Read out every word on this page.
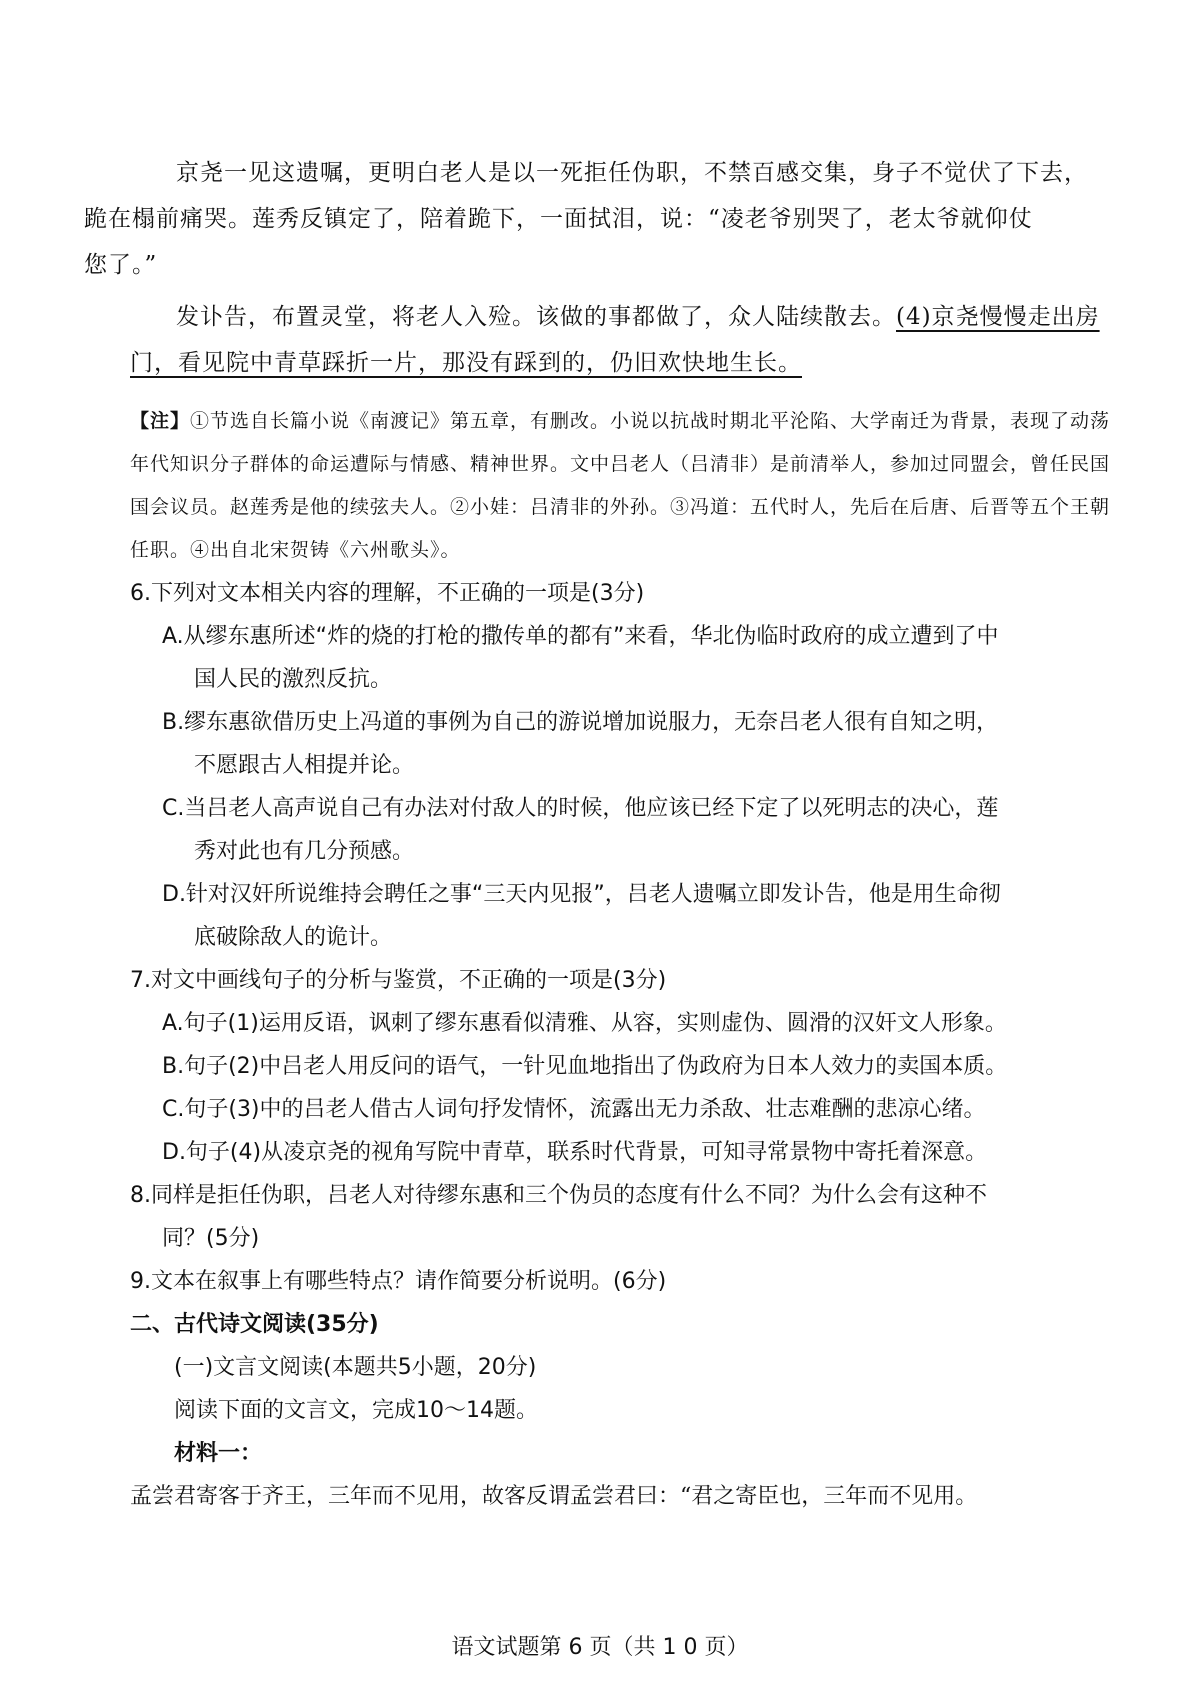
京尧一见这遗嘱，更明白老人是以一死拒任伪职，不禁百感交集，身子不觉伏了下去，
跪在榻前痛哭。莲秀反镇定了，陪着跪下，一面拭泪，说：“凌老爷别哭了，老太爷就仰仗
您了。”

发讣告，布置灵堂，将老人入殓。该做的事都做了，众人陆续散去。(4)京尧慢慢走出房门，看见院中青草踩折一片，那没有踩到的，仍旧欢快地生长。

【注】①节选自长篇小说《南渡记》第五章，有删改。小说以抗战时期北平沦陷、大学南迁为背景，表现了动荡年代知识分子群体的命运遭际与情感、精神世界。文中吕老人（吕清非）是前清举人，参加过同盟会，曾任民国国会议员。赵莲秀是他的续弦夫人。②小娃：吕清非的外孙。③冯道：五代时人，先后在后唐、后晋等五个王朝任职。④出自北宋贺铸《六州歌头》。

6.下列对文本相关内容的理解，不正确的一项是(3分)

A.从缪东惠所述“炸的烧的打枪的撒传单的都有”来看，华北伪临时政府的成立遭到了中
国人民的激烈反抗。

B.缪东惠欲借历史上冯道的事例为自己的游说增加说服力，无奈吕老人很有自知之明，
不愿跟古人相提并论。

C.当吕老人高声说自己有办法对付敌人的时候，他应该已经下定了以死明志的决心，莲
秀对此也有几分预感。

D.针对汉奸所说维持会聘任之事“三天内见报”，吕老人遗嘱立即发讣告，他是用生命彻
底破除敌人的诡计。

7.对文中画线句子的分析与鉴赏，不正确的一项是(3分)

A.句子(1)运用反语，讽刺了缪东惠看似清雅、从容，实则虚伪、圆滑的汉奸文人形象。

B.句子(2)中吕老人用反问的语气，一针见血地指出了伪政府为日本人效力的卖国本质。

C.句子(3)中的吕老人借古人词句抒发情怀，流露出无力杀敌、壮志难酬的悲凉心绪。

D.句子(4)从凌京尧的视角写院中青草，联系时代背景，可知寻常景物中寄托着深意。

8.同样是拒任伪职，吕老人对待缪东惠和三个伪员的态度有什么不同？为什么会有这种不

同？(5分)

9.文本在叙事上有哪些特点？请作简要分析说明。(6分)

二、古代诗文阅读(35分)

(一)文言文阅读(本题共5小题，20分)

阅读下面的文言文，完成10～14题。

材料一：

孟尝君寄客于齐王，三年而不见用，故客反谓孟尝君曰：“君之寄臣也，三年而不见用。

语文试题第 6 页（共 1 0 页）
